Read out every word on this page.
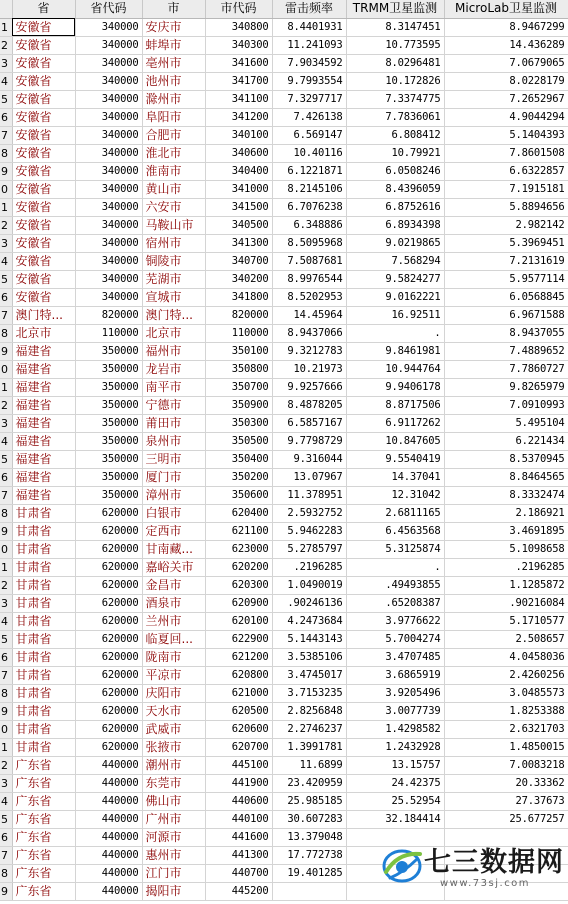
	省	省代码	市	市代码	雷击频率	TRMM卫星监测	MicroLab卫星监测
1	安徽省	340000	安庆市	340800	8.4401931	8.3147451	8.9467299
2	安徽省	340000	蚌埠市	340300	11.241093	10.773595	14.436289
3	安徽省	340000	亳州市	341600	7.9034592	8.0296481	7.0679065
4	安徽省	340000	池州市	341700	9.7993554	10.172826	8.0228179
5	安徽省	340000	滁州市	341100	7.3297717	7.3374775	7.2652967
6	安徽省	340000	阜阳市	341200	7.426138	7.7836061	4.9044294
7	安徽省	340000	合肥市	340100	6.569147	6.808412	5.1404393
8	安徽省	340000	淮北市	340600	10.40116	10.79921	7.8601508
9	安徽省	340000	淮南市	340400	6.1221871	6.0508246	6.6322857
0	安徽省	340000	黄山市	341000	8.2145106	8.4396059	7.1915181
1	安徽省	340000	六安市	341500	6.7076238	6.8752616	5.8894656
2	安徽省	340000	马鞍山市	340500	6.348886	6.8934398	2.982142
3	安徽省	340000	宿州市	341300	8.5095968	9.0219865	5.3969451
4	安徽省	340000	铜陵市	340700	7.5087681	7.568294	7.2131619
5	安徽省	340000	芜湖市	340200	8.9976544	9.5824277	5.9577114
6	安徽省	340000	宣城市	341800	8.5202953	9.0162221	6.0568845
7	澳门特...	820000	澳门特...	820000	14.45964	16.92511	6.9671588
8	北京市	110000	北京市	110000	8.9437066	.	8.9437055
9	福建省	350000	福州市	350100	9.3212783	9.8461981	7.4889652
0	福建省	350000	龙岩市	350800	10.21973	10.944764	7.7860727
1	福建省	350000	南平市	350700	9.9257666	9.9406178	9.8265979
2	福建省	350000	宁德市	350900	8.4878205	8.8717506	7.0910993
3	福建省	350000	莆田市	350300	6.5857167	6.9117262	5.495104
4	福建省	350000	泉州市	350500	9.7798729	10.847605	6.221434
5	福建省	350000	三明市	350400	9.316044	9.5540419	8.5370945
6	福建省	350000	厦门市	350200	13.07967	14.37041	8.8464565
7	福建省	350000	漳州市	350600	11.378951	12.31042	8.3332474
8	甘肃省	620000	白银市	620400	2.5932752	2.6811165	2.186921
9	甘肃省	620000	定西市	621100	5.9462283	6.4563568	3.4691895
0	甘肃省	620000	甘南藏...	623000	5.2785797	5.3125874	5.1098658
1	甘肃省	620000	嘉峪关市	620200	.2196285	.	.2196285
2	甘肃省	620000	金昌市	620300	1.0490019	.49493855	1.1285872
3	甘肃省	620000	酒泉市	620900	.90246136	.65208387	.90216084
4	甘肃省	620000	兰州市	620100	4.2473684	3.9776622	5.1710577
5	甘肃省	620000	临夏回...	622900	5.1443143	5.7004274	2.508657
6	甘肃省	620000	陇南市	621200	3.5385106	3.4707485	4.0458036
7	甘肃省	620000	平凉市	620800	3.4745017	3.6865919	2.4260256
8	甘肃省	620000	庆阳市	621000	3.7153235	3.9205496	3.0485573
9	甘肃省	620000	天水市	620500	2.8256848	3.0077739	1.8253388
0	甘肃省	620000	武威市	620600	2.2746237	1.4298582	2.6321703
1	甘肃省	620000	张掖市	620700	1.3991781	1.2432928	1.4850015
2	广东省	440000	潮州市	445100	11.6899	13.15757	7.0083218
3	广东省	440000	东莞市	441900	23.420959	24.42375	20.33362
4	广东省	440000	佛山市	440600	25.985185	25.52954	27.37673
5	广东省	440000	广州市	440100	30.607283	32.184414	25.677257
6	广东省	440000	河源市	441600	13.379048		
7	广东省	440000	惠州市	441300	17.772738		
8	广东省	440000	江门市	440700	19.401285		
9	广东省	440000	揭阳市	445200			
七三数据网
www.73sj.com
